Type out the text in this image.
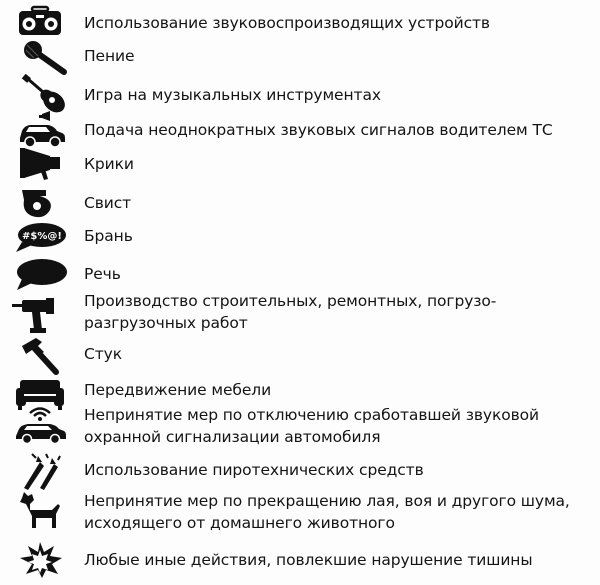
Использование звуковоспроизводящих устройств
Пение
Игра на музыкальных инструментах
Подача неоднократных звуковых сигналов водителем ТС
Крики
Свист
#$%@! Брань
Речь
Производство строительных, ремонтных, погрузо-разгрузочных работ
Стук
Передвижение мебели
Непринятие мер по отключению сработавшей звуковой охранной сигнализации автомобиля
Использование пиротехнических средств
Непринятие мер по прекращению лая, воя и другого шума, исходящего от домашнего животного
Любые иные действия, повлекшие нарушение тишины
